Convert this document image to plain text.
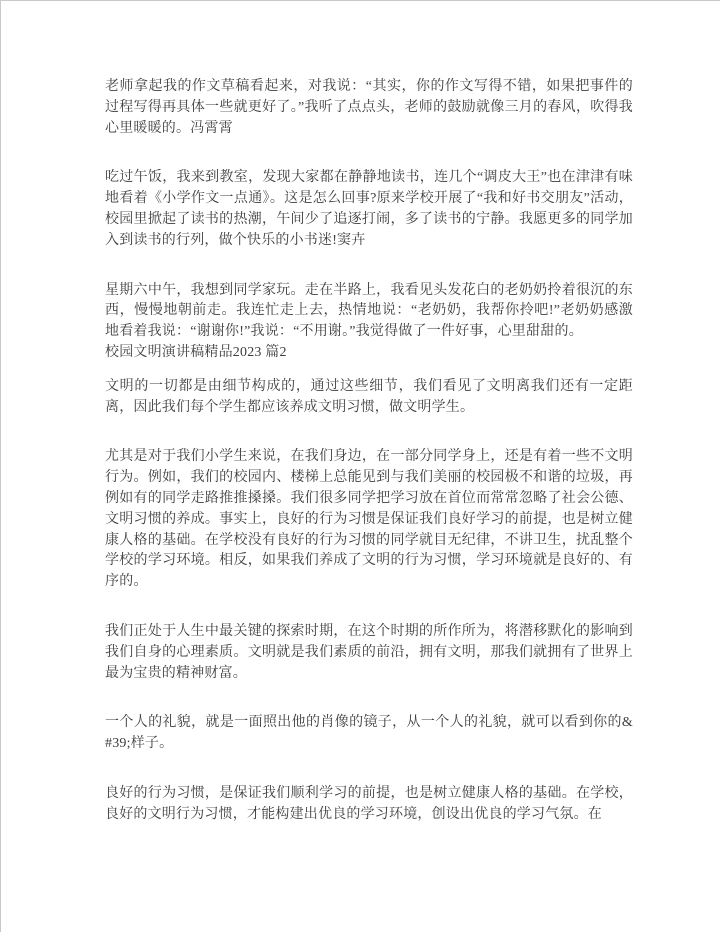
老师拿起我的作文草稿看起来，对我说：“其实，你的作文写得不错，如果把事件的过程写得再具体一些就更好了。”我听了点点头，老师的鼓励就像三月的春风，吹得我心里暖暖的。冯霄霄

吃过午饭，我来到教室，发现大家都在静静地读书，连几个“调皮大王”也在津津有味地看着《小学作文一点通》。这是怎么回事?原来学校开展了“我和好书交朋友”活动，校园里掀起了读书的热潮，午间少了追逐打闹，多了读书的宁静。我愿更多的同学加入到读书的行列，做个快乐的小书迷!窦卉

星期六中午，我想到同学家玩。走在半路上，我看见头发花白的老奶奶拎着很沉的东西，慢慢地朝前走。我连忙走上去，热情地说：“老奶奶，我帮你拎吧!”老奶奶感激地看着我说：“谢谢你!”我说：“不用谢。”我觉得做了一件好事，心里甜甜的。

校园文明演讲稿精品2023 篇2

文明的一切都是由细节构成的，通过这些细节，我们看见了文明离我们还有一定距离，因此我们每个学生都应该养成文明习惯，做文明学生。

尤其是对于我们小学生来说，在我们身边，在一部分同学身上，还是有着一些不文明行为。例如，我们的校园内、楼梯上总能见到与我们美丽的校园极不和谐的垃圾，再例如有的同学走路推推搡搡。我们很多同学把学习放在首位而常常忽略了社会公德、文明习惯的养成。事实上，良好的行为习惯是保证我们良好学习的前提，也是树立健康人格的基础。在学校没有良好的行为习惯的同学就目无纪律，不讲卫生，扰乱整个学校的学习环境。相反，如果我们养成了文明的行为习惯，学习环境就是良好的、有序的。

我们正处于人生中最关键的探索时期，在这个时期的所作所为，将潜移默化的影响到我们自身的心理素质。文明就是我们素质的前沿，拥有文明，那我们就拥有了世界上最为宝贵的精神财富。

一个人的礼貌，就是一面照出他的肖像的镜子，从一个人的礼貌，就可以看到你的&#39;样子。

良好的行为习惯，是保证我们顺利学习的前提，也是树立健康人格的基础。在学校，良好的文明行为习惯，才能构建出优良的学习环境，创设出优良的学习气氛。在
